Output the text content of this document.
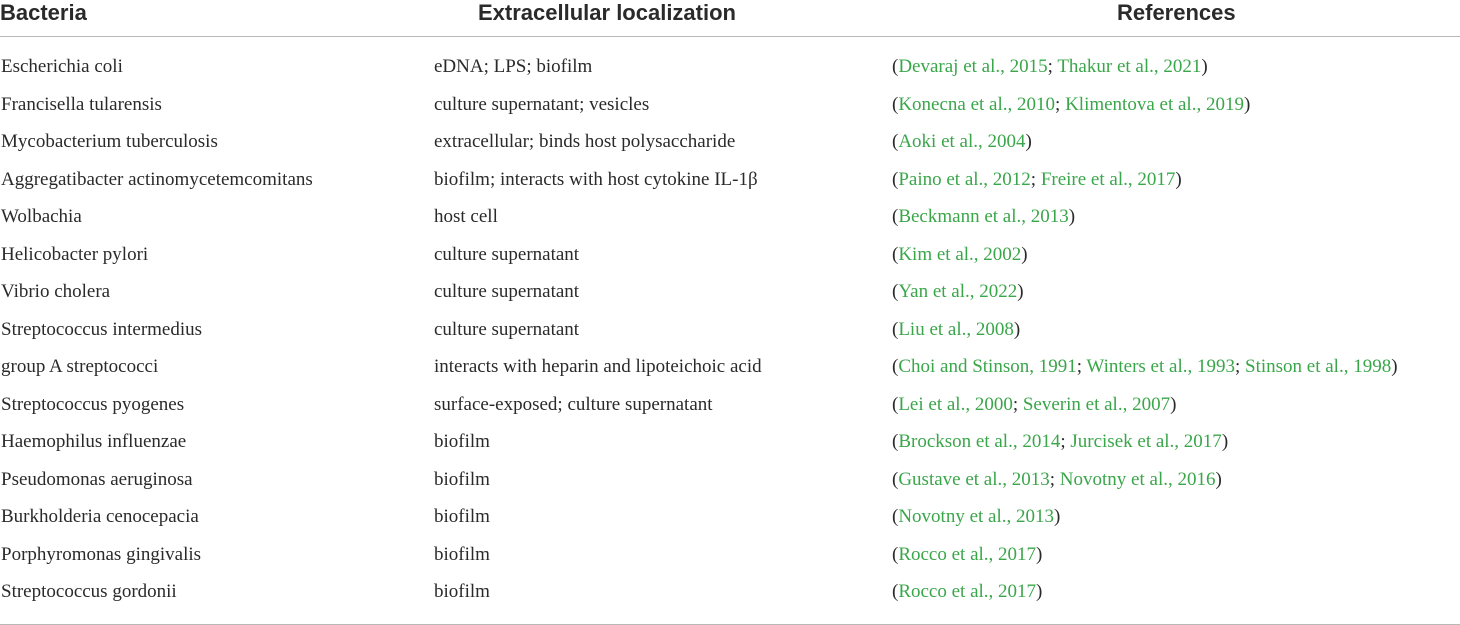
Bacteria	Extracellular localization	References
Escherichia coli	eDNA; LPS; biofilm	(Devaraj et al., 2015; Thakur et al., 2021)
Francisella tularensis	culture supernatant; vesicles	(Konecna et al., 2010; Klimentova et al., 2019)
Mycobacterium tuberculosis	extracellular; binds host polysaccharide	(Aoki et al., 2004)
Aggregatibacter actinomycetemcomitans	biofilm; interacts with host cytokine IL-1β	(Paino et al., 2012; Freire et al., 2017)
Wolbachia	host cell	(Beckmann et al., 2013)
Helicobacter pylori	culture supernatant	(Kim et al., 2002)
Vibrio cholera	culture supernatant	(Yan et al., 2022)
Streptococcus intermedius	culture supernatant	(Liu et al., 2008)
group A streptococci	interacts with heparin and lipoteichoic acid	(Choi and Stinson, 1991; Winters et al., 1993; Stinson et al., 1998)
Streptococcus pyogenes	surface-exposed; culture supernatant	(Lei et al., 2000; Severin et al., 2007)
Haemophilus influenzae	biofilm	(Brockson et al., 2014; Jurcisek et al., 2017)
Pseudomonas aeruginosa	biofilm	(Gustave et al., 2013; Novotny et al., 2016)
Burkholderia cenocepacia	biofilm	(Novotny et al., 2013)
Porphyromonas gingivalis	biofilm	(Rocco et al., 2017)
Streptococcus gordonii	biofilm	(Rocco et al., 2017)
